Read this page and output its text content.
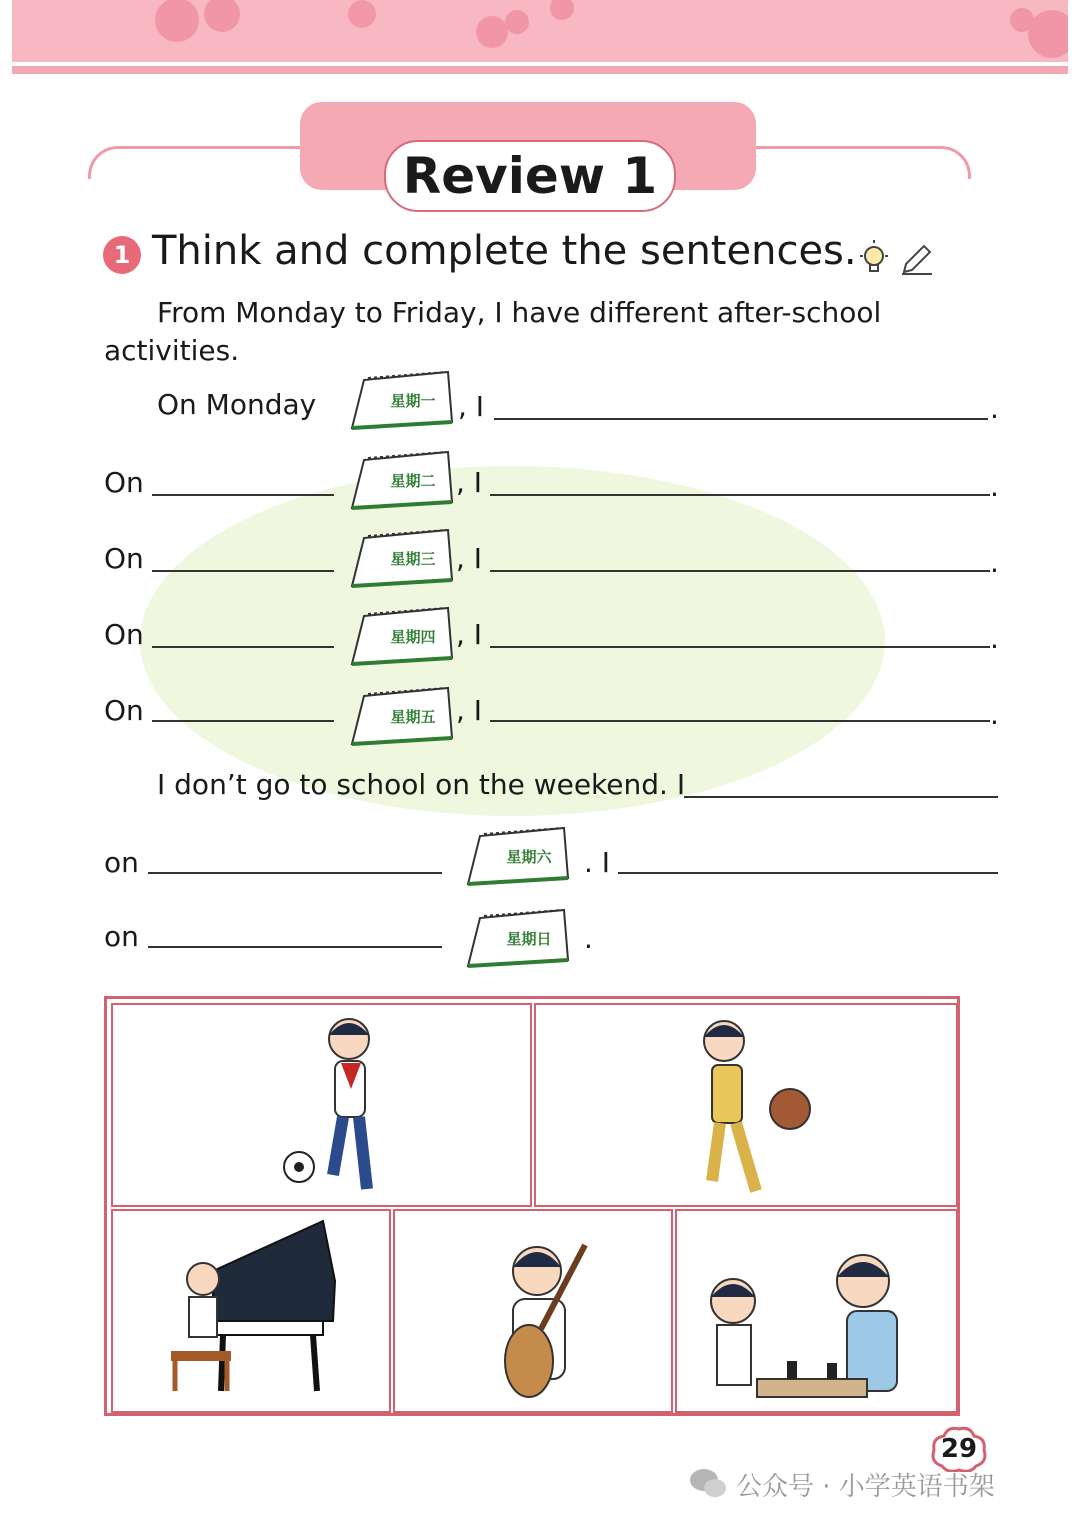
Review 1
1 Think and complete the sentences.
From Monday to Friday, I have different after-school
activities.
On Monday	星期一 , I	.
On	星期二 , I	.
On	星期三 , I	.
On	星期四 , I	.
On	星期五 , I	.
I don’t go to school on the weekend. I
on	星期六 . I
on	星期日 .
29
公众号 · 小学英语书架
